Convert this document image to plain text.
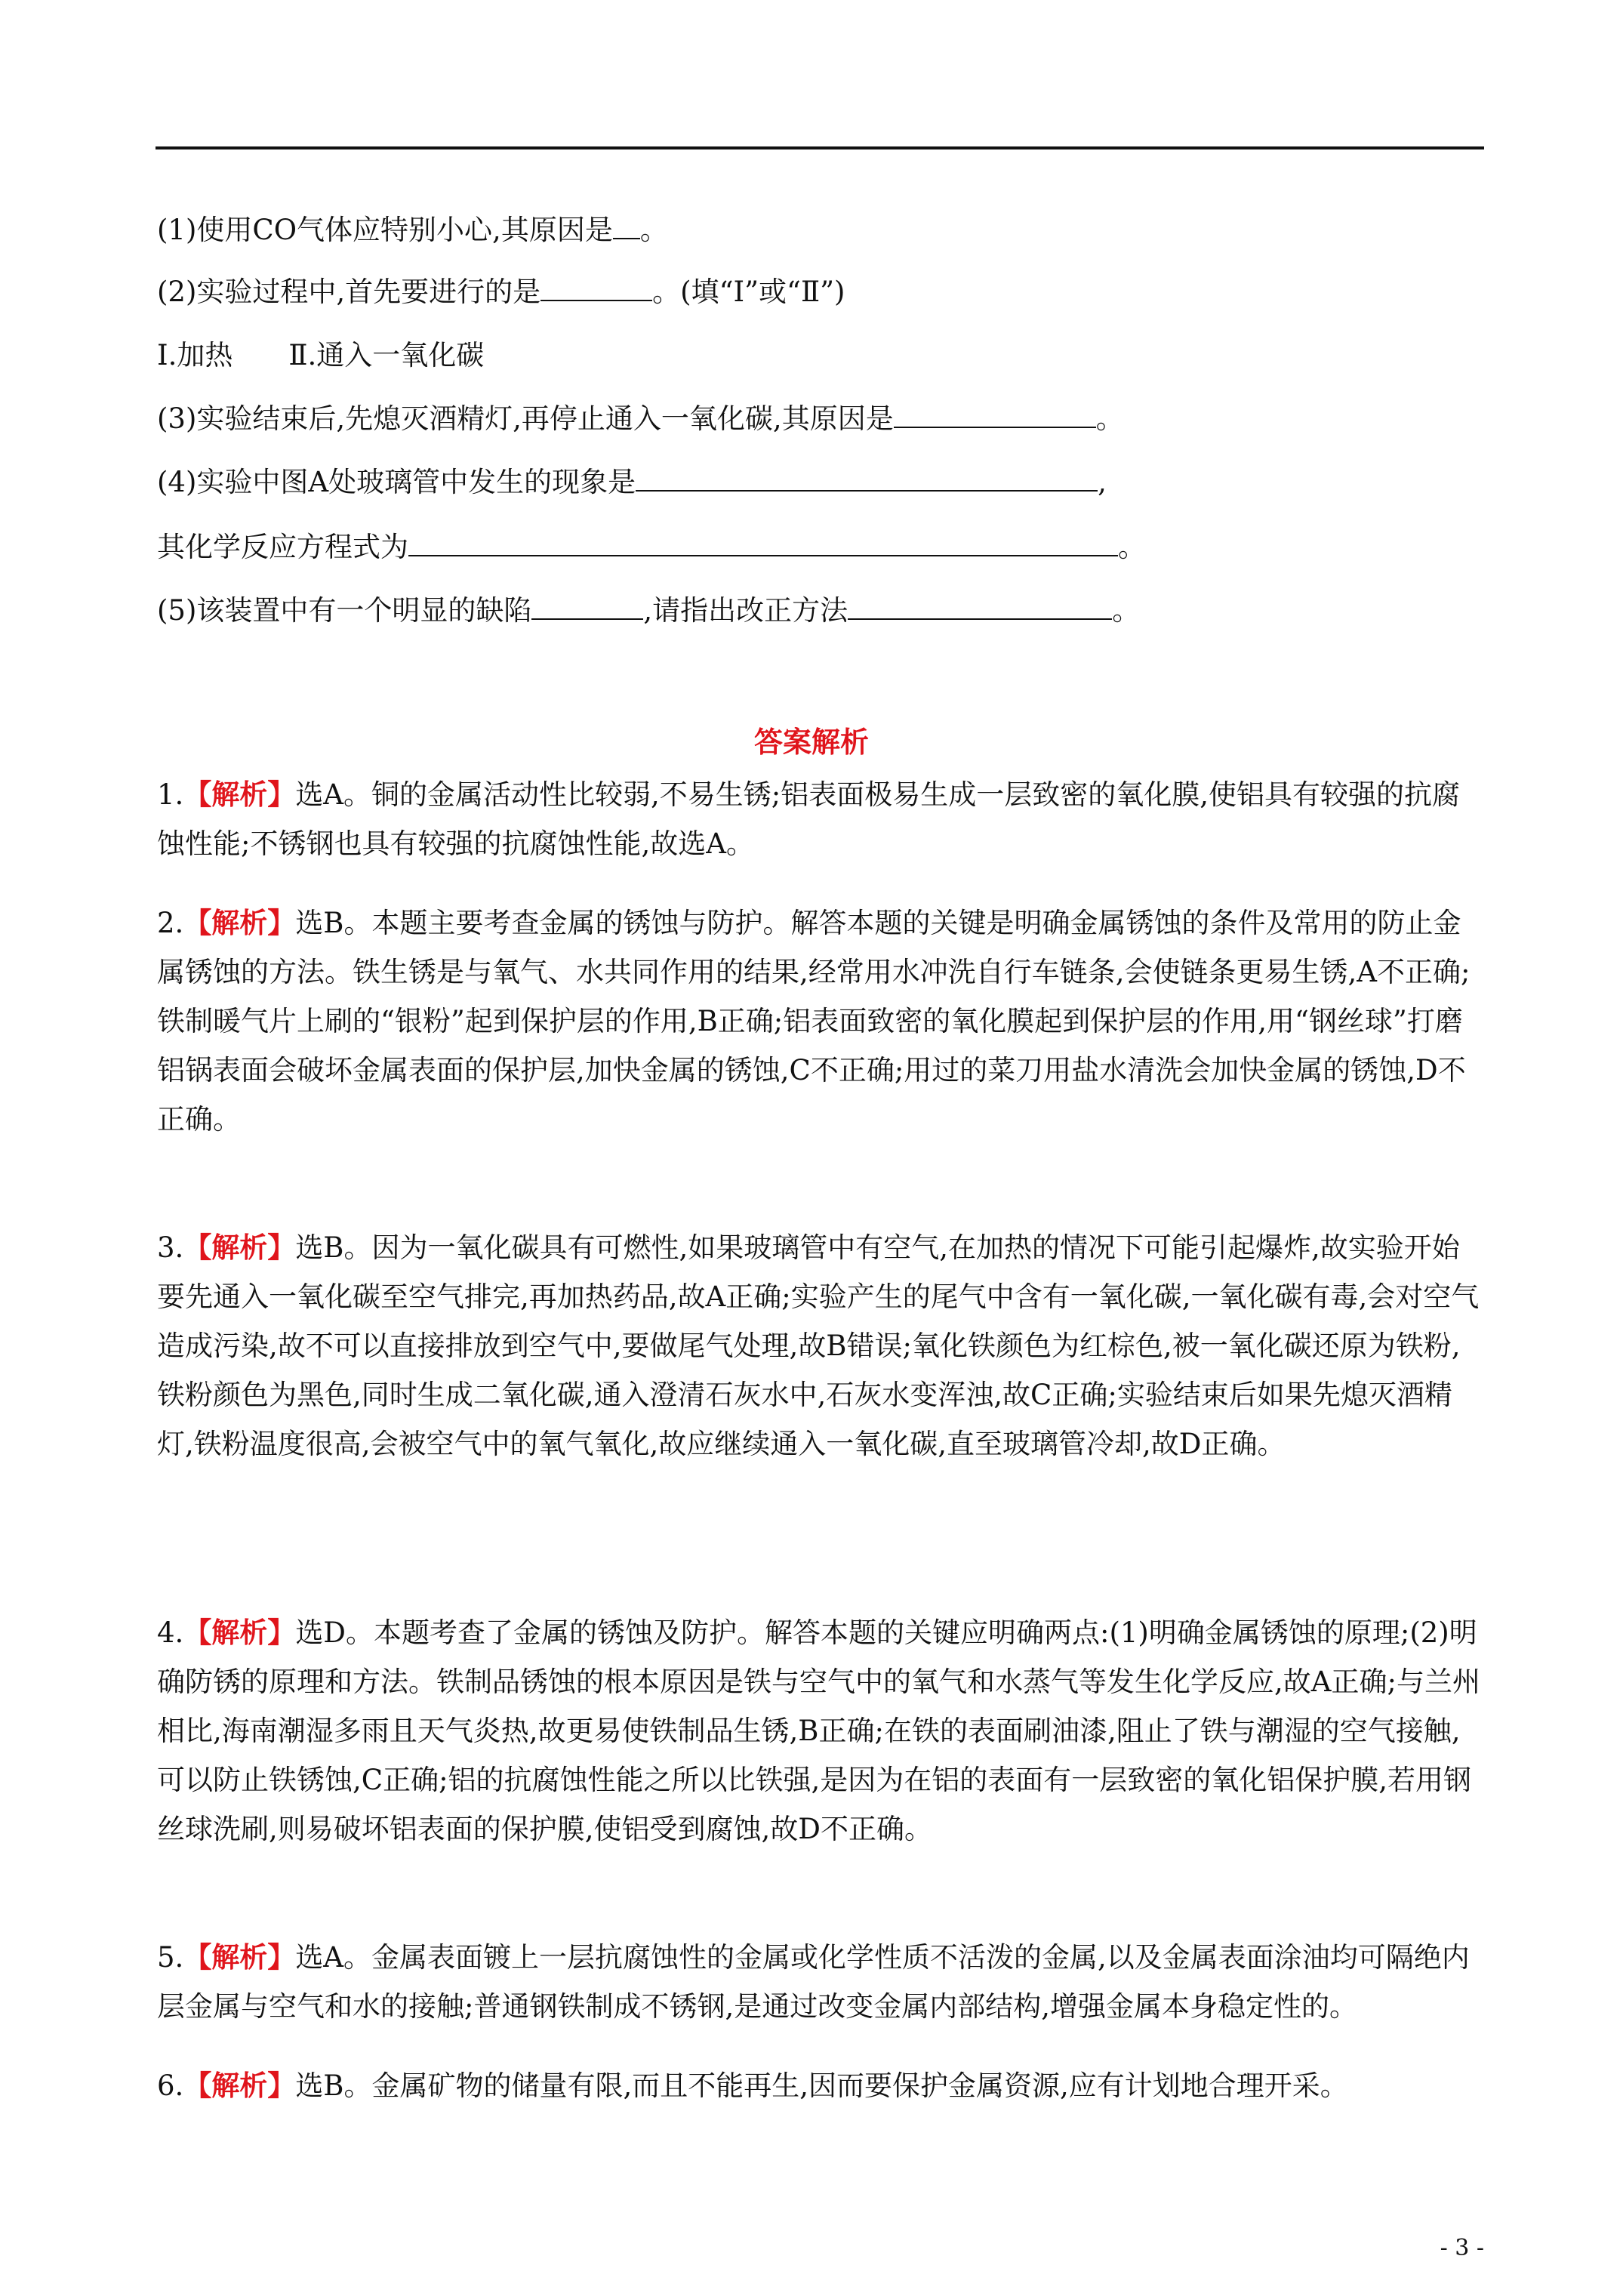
(1)使用CO气体应特别小心,其原因是 。
(2)实验过程中,首先要进行的是	。(填“Ⅰ”或“Ⅱ”)
Ⅰ.加热　　Ⅱ.通入一氧化碳
(3)实验结束后,先熄灭酒精灯,再停止通入一氧化碳,其原因是	。
(4)实验中图A处玻璃管中发生的现象是	,
其化学反应方程式为	。
(5)该装置中有一个明显的缺陷	,请指出改正方法	。
答案解析
1.【解析】选A。铜的金属活动性比较弱,不易生锈;铝表面极易生成一层致密的氧化膜,使铝具有较强的抗腐蚀性能;不锈钢也具有较强的抗腐蚀性能,故选A。
2.【解析】选B。本题主要考查金属的锈蚀与防护。解答本题的关键是明确金属锈蚀的条件及常用的防止金属锈蚀的方法。铁生锈是与氧气、水共同作用的结果,经常用水冲洗自行车链条,会使链条更易生锈,A不正确;铁制暖气片上刷的“银粉”起到保护层的作用,B正确;铝表面致密的氧化膜起到保护层的作用,用“钢丝球”打磨铝锅表面会破坏金属表面的保护层,加快金属的锈蚀,C不正确;用过的菜刀用盐水清洗会加快金属的锈蚀,D不正确。
3.【解析】选B。因为一氧化碳具有可燃性,如果玻璃管中有空气,在加热的情况下可能引起爆炸,故实验开始要先通入一氧化碳至空气排完,再加热药品,故A正确;实验产生的尾气中含有一氧化碳,一氧化碳有毒,会对空气造成污染,故不可以直接排放到空气中,要做尾气处理,故B错误;氧化铁颜色为红棕色,被一氧化碳还原为铁粉,铁粉颜色为黑色,同时生成二氧化碳,通入澄清石灰水中,石灰水变浑浊,故C正确;实验结束后如果先熄灭酒精灯,铁粉温度很高,会被空气中的氧气氧化,故应继续通入一氧化碳,直至玻璃管冷却,故D正确。
4.【解析】选D。本题考查了金属的锈蚀及防护。解答本题的关键应明确两点:(1)明确金属锈蚀的原理;(2)明确防锈的原理和方法。铁制品锈蚀的根本原因是铁与空气中的氧气和水蒸气等发生化学反应,故A正确;与兰州相比,海南潮湿多雨且天气炎热,故更易使铁制品生锈,B正确;在铁的表面刷油漆,阻止了铁与潮湿的空气接触,可以防止铁锈蚀,C正确;铝的抗腐蚀性能之所以比铁强,是因为在铝的表面有一层致密的氧化铝保护膜,若用钢丝球洗刷,则易破坏铝表面的保护膜,使铝受到腐蚀,故D不正确。
5.【解析】选A。金属表面镀上一层抗腐蚀性的金属或化学性质不活泼的金属,以及金属表面涂油均可隔绝内层金属与空气和水的接触;普通钢铁制成不锈钢,是通过改变金属内部结构,增强金属本身稳定性的。
6.【解析】选B。金属矿物的储量有限,而且不能再生,因而要保护金属资源,应有计划地合理开采。
- 3 -
